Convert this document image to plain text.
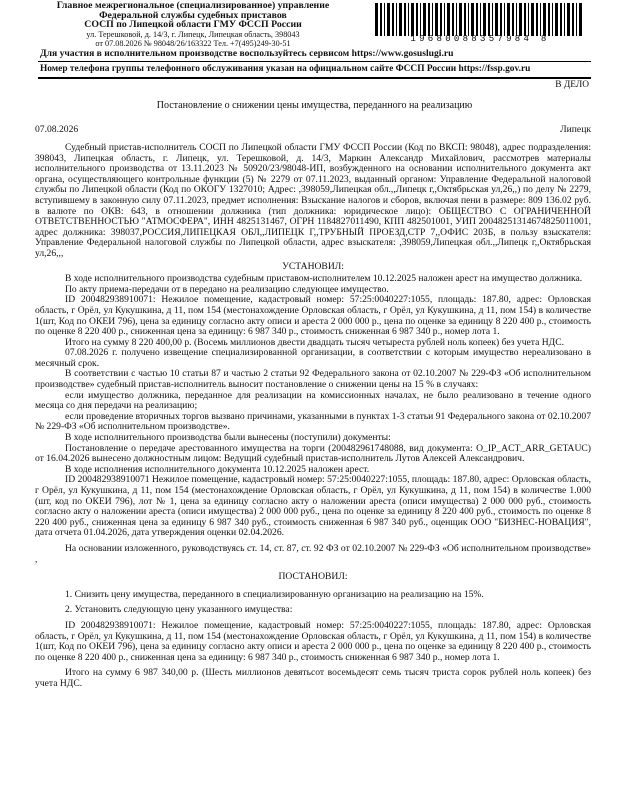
Главное межрегиональное (специализированное) управление Федеральной службы судебных приставов
СОСП по Липецкой области ГМУ ФССП России
ул. Терешковой, д. 14/3, г. Липецк, Липецкая область, 398043
от 07.08.2026 № 98048/26/163322 Тел. +7(495)249-30-51	19680088357984 8
Для участия в исполнительном производстве воспользуйтесь сервисом https://www.gosuslugi.ru
Номер телефона группы телефонного обслуживания указан на официальном сайте ФССП России https://fssp.gov.ru
В ДЕЛО
Постановление о снижении цены имущества, переданного на реализацию
07.08.2026	Липецк

Судебный пристав-исполнитель СОСП по Липецкой области ГМУ ФССП России (Код по ВКСП: 98048), адрес подразделения: 398043, Липецкая область, г. Липецк, ул. Терешковой, д. 14/3, Маркин Александр Михайлович, рассмотрев материалы исполнительного производства от 13.11.2023 № 50920/23/98048-ИП, возбужденного на основании исполнительного документа акт органа, осуществляющего контрольные функции (5) № 2279 от 07.11.2023, выданный органом: Управление Федеральной налоговой службы по Липецкой области (Код по ОКОГУ 1327010; Адрес: ,398059,Липецкая обл.,,Липецк г,,Октябрьская ул,26,,) по делу № 2279, вступившему в законную силу 07.11.2023, предмет исполнения: Взыскание налогов и сборов, включая пени в размере: 809 136.02 руб. в валюте по ОКВ: 643, в отношении должника (тип должника: юридическое лицо): ОБЩЕСТВО С ОГРАНИЧЕННОЙ ОТВЕТСТВЕННОСТЬЮ "АТМОСФЕРА", ИНН 4825131467, ОГРН 1184827011490, КПП 482501001, УИП 20048251314674825011001, адрес должника: 398037,РОССИЯ,ЛИПЕЦКАЯ ОБЛ,,ЛИПЕЦК Г,,ТРУБНЫЙ ПРОЕЗД,СТР 7,,ОФИС 203Б, в пользу взыскателя: Управление Федеральной налоговой службы по Липецкой области, адрес взыскателя: ,398059,Липецкая обл.,,Липецк г,,Октябрьская ул,26,,,

УСТАНОВИЛ:

В ходе исполнительного производства судебным приставом-исполнителем 10.12.2025 наложен арест на имущество должника.

По акту приема-передачи от в передано на реализацию следующее имущество.

ID 200482938910071: Нежилое помещение, кадастровый номер: 57:25:0040227:1055, площадь: 187.80, адрес: Орловская область, г Орёл, ул Кукушкина, д 11, пом 154 (местонахождение Орловская область, г Орёл, ул Кукушкина, д 11, пом 154) в количестве 1(шт, Код по ОКЕИ 796), цена за единицу согласно акту описи и ареста 2 000 000 р., цена по оценке за единицу 8 220 400 р., стоимость по оценке 8 220 400 р., сниженная цена за единицу: 6 987 340 р., стоимость сниженная 6 987 340 р., номер лота 1.

Итого на сумму 8 220 400,00 р. (Восемь миллионов двести двадцать тысяч четыреста рублей ноль копеек) без учета НДС.

07.08.2026 г. получено извещение специализированной организации, в соответствии с которым имущество нереализовано в месячный срок.

В соответствии с частью 10 статьи 87 и частью 2 статьи 92 Федерального закона от 02.10.2007 № 229-ФЗ «Об исполнительном производстве» судебный пристав-исполнитель выносит постановление о снижении цены на 15 % в случаях:

если имущество должника, переданное для реализации на комиссионных началах, не было реализовано в течение одного месяца со дня передачи на реализацию;

если проведение вторичных торгов вызвано причинами, указанными в пунктах 1-3 статьи 91 Федерального закона от 02.10.2007 № 229-ФЗ «Об исполнительном производстве».

В ходе исполнительного производства были вынесены (поступили) документы:

Постановление о передаче арестованного имущества на торги (200482961748088, вид документа: O_IP_ACT_ARR_GETAUC) от 16.04.2026 вынесено должностным лицом: Ведущий судебный пристав-исполнитель Лутов Алексей Александрович.

В ходе исполнения исполнительного документа 10.12.2025 наложен арест.

ID 200482938910071 Нежилое помещение, кадастровый номер: 57:25:0040227:1055, площадь: 187.80, адрес: Орловская область, г Орёл, ул Кукушкина, д 11, пом 154 (местонахождение Орловская область, г Орёл, ул Кукушкина, д 11, пом 154) в количестве 1.000 (шт, код по ОКЕИ 796), лот № 1, цена за единицу согласно акту о наложении ареста (описи имущества) 2 000 000 руб., стоимость согласно акту о наложении ареста (описи имущества) 2 000 000 руб., цена по оценке за единицу 8 220 400 руб., стоимость по оценке 8 220 400 руб., сниженная цена за единицу 6 987 340 руб., стоимость сниженная 6 987 340 руб., оценщик ООО "БИЗНЕС-НОВАЦИЯ", дата отчета 01.04.2026, дата утверждения оценки 02.04.2026.

На основании изложенного, руководствуясь ст. 14, ст. 87, ст. 92 ФЗ от 02.10.2007 № 229-ФЗ «Об исполнительном производстве» ,

ПОСТАНОВИЛ:

1. Снизить цену имущества, переданного в специализированную организацию на реализацию на 15%.

2. Установить следующую цену указанного имущества:

ID 200482938910071: Нежилое помещение, кадастровый номер: 57:25:0040227:1055, площадь: 187.80, адрес: Орловская область, г Орёл, ул Кукушкина, д 11, пом 154 (местонахождение Орловская область, г Орёл, ул Кукушкина, д 11, пом 154) в количестве 1(шт, Код по ОКЕИ 796), цена за единицу согласно акту описи и ареста 2 000 000 р., цена по оценке за единицу 8 220 400 р., стоимость по оценке 8 220 400 р., сниженная цена за единицу: 6 987 340 р., стоимость сниженная 6 987 340 р., номер лота 1.

Итого на сумму 6 987 340,00 р. (Шесть миллионов девятьсот восемьдесят семь тысяч триста сорок рублей ноль копеек) без учета НДС.
